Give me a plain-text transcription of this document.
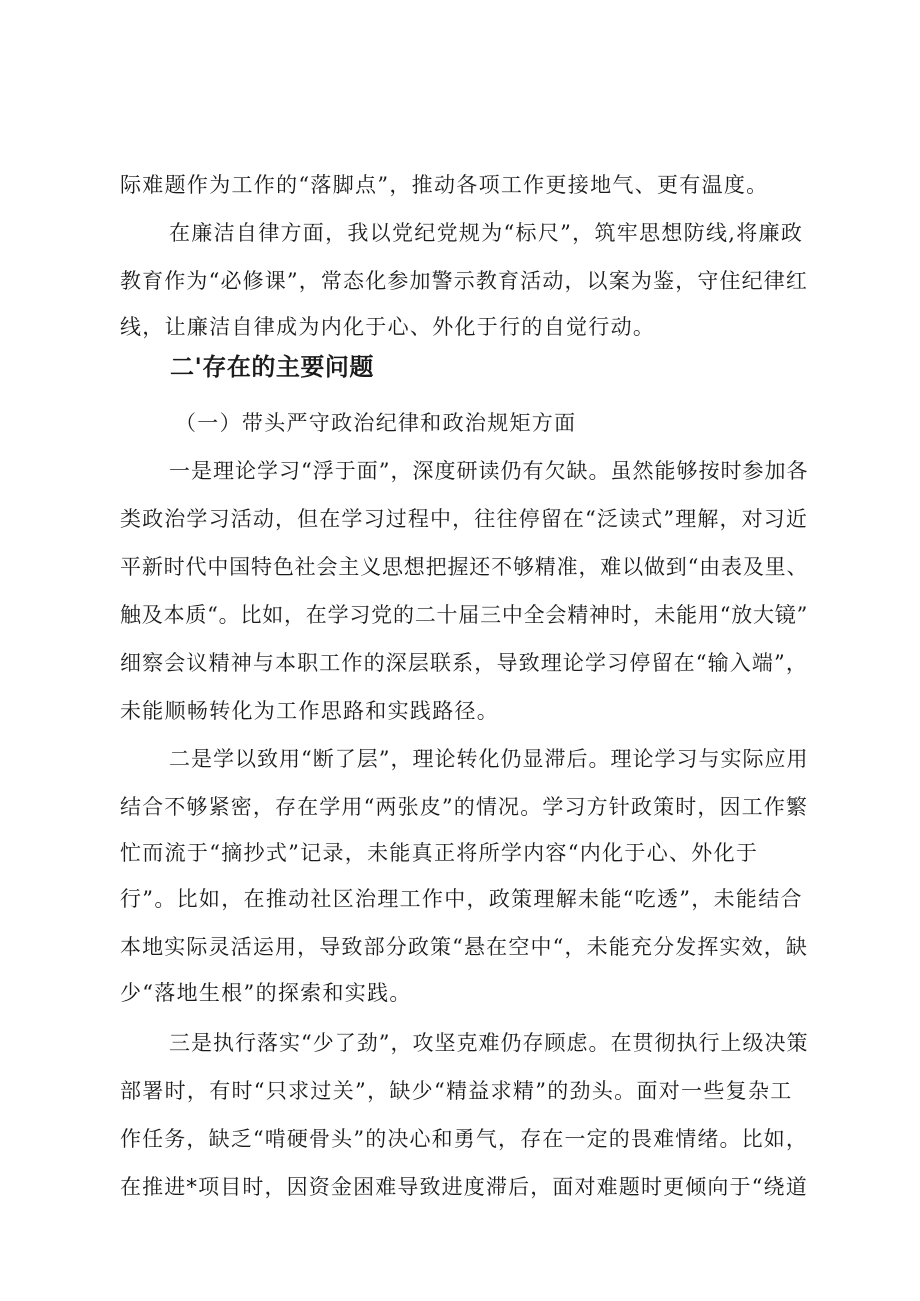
际难题作为工作的“落脚点”，推动各项工作更接地气、更有温度。
在廉洁自律方面，我以党纪党规为“标尺”，筑牢思想防线,将廉政
教育作为“必修课”，常态化参加警示教育活动，以案为鉴，守住纪律红
线，让廉洁自律成为内化于心、外化于行的自觉行动。
二'存在的主要问题
（一）带头严守政治纪律和政治规矩方面
一是理论学习“浮于面”，深度研读仍有欠缺。虽然能够按时参加各
类政治学习活动，但在学习过程中，往往停留在“泛读式”理解，对习近
平新时代中国特色社会主义思想把握还不够精准，难以做到“由表及里、
触及本质“。比如，在学习党的二十届三中全会精神时，未能用“放大镜”
细察会议精神与本职工作的深层联系，导致理论学习停留在“输入端”，
未能顺畅转化为工作思路和实践路径。
二是学以致用“断了层”，理论转化仍显滞后。理论学习与实际应用
结合不够紧密，存在学用“两张皮”的情况。学习方针政策时，因工作繁
忙而流于“摘抄式”记录，未能真正将所学内容“内化于心、外化于
行”。比如，在推动社区治理工作中，政策理解未能“吃透”，未能结合
本地实际灵活运用，导致部分政策“悬在空中“，未能充分发挥实效，缺
少“落地生根”的探索和实践。
三是执行落实“少了劲”，攻坚克难仍存顾虑。在贯彻执行上级决策
部署时，有时“只求过关”，缺少“精益求精”的劲头。面对一些复杂工
作任务，缺乏“啃硬骨头”的决心和勇气，存在一定的畏难情绪。比如，
在推进*项目时，因资金困难导致进度滞后，面对难题时更倾向于“绕道
